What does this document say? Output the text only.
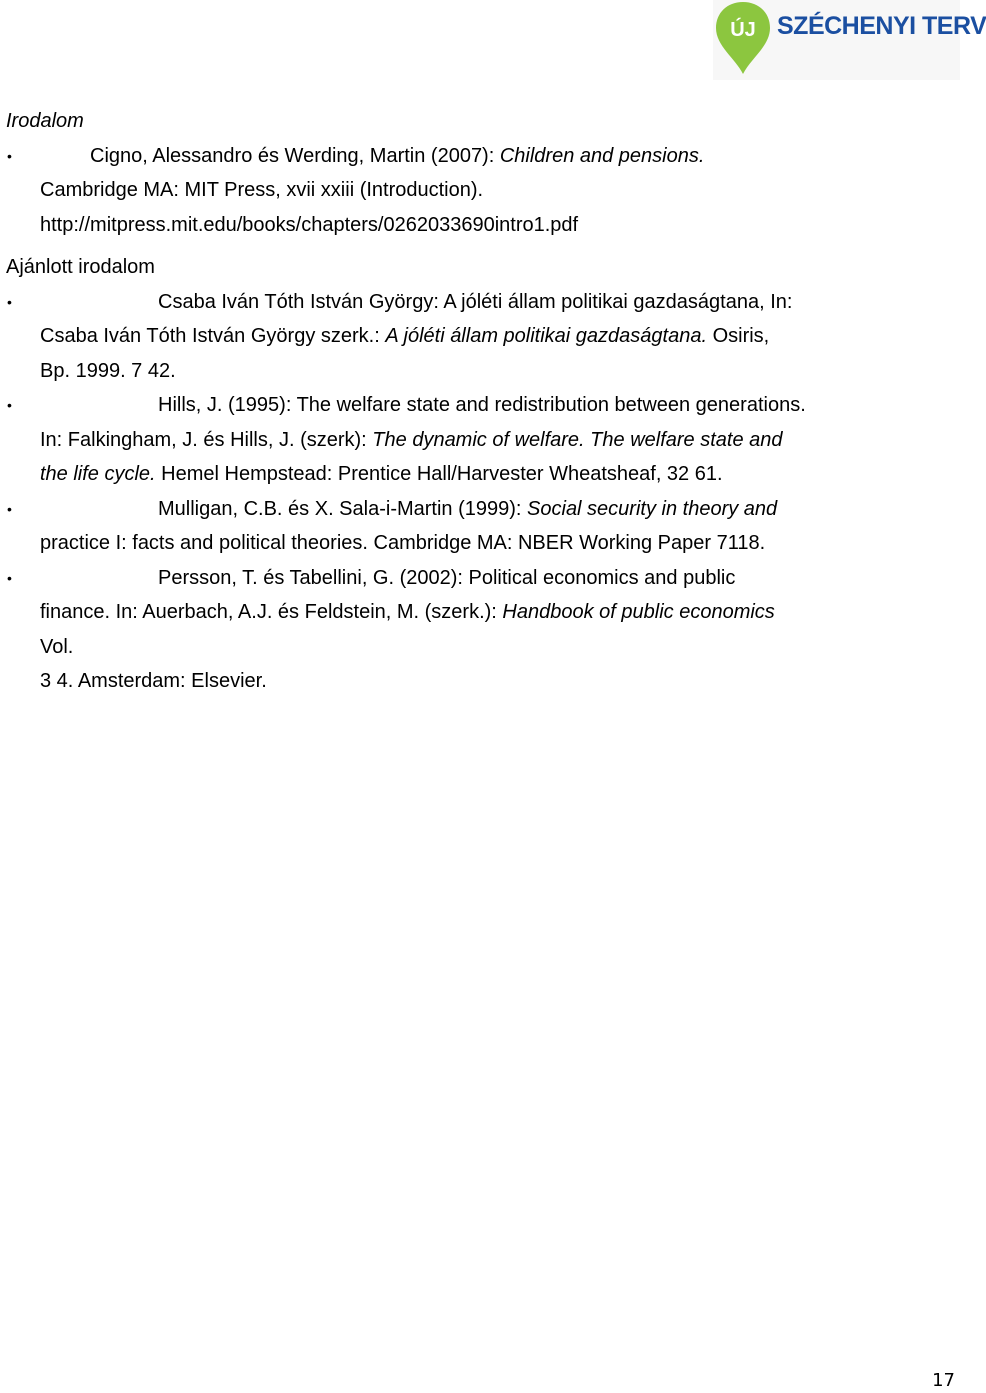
ÚJ SZÉCHENYI TERV
Irodalom
•	Cigno, Alessandro és Werding, Martin (2007): Children and pensions.
Cambridge MA: MIT Press, xvii xxiii (Introduction).
http://mitpress.mit.edu/books/chapters/0262033690intro1.pdf
Ajánlott irodalom
•	Csaba Iván Tóth István György: A jóléti állam politikai gazdaságtana, In:
Csaba Iván Tóth István György szerk.: A jóléti állam politikai gazdaságtana. Osiris,
Bp. 1999. 7 42.
•	Hills, J. (1995): The welfare state and redistribution between generations.
In: Falkingham, J. és Hills, J. (szerk): The dynamic of welfare. The welfare state and
the life cycle. Hemel Hempstead: Prentice Hall/Harvester Wheatsheaf, 32 61.
•	Mulligan, C.B. és X. Sala-i-Martin (1999): Social security in theory and
practice I: facts and political theories. Cambridge MA: NBER Working Paper 7118.
•	Persson, T. és Tabellini, G. (2002): Political economics and public
finance. In: Auerbach, A.J. és Feldstein, M. (szerk.): Handbook of public economics
Vol.
3 4. Amsterdam: Elsevier.
17
